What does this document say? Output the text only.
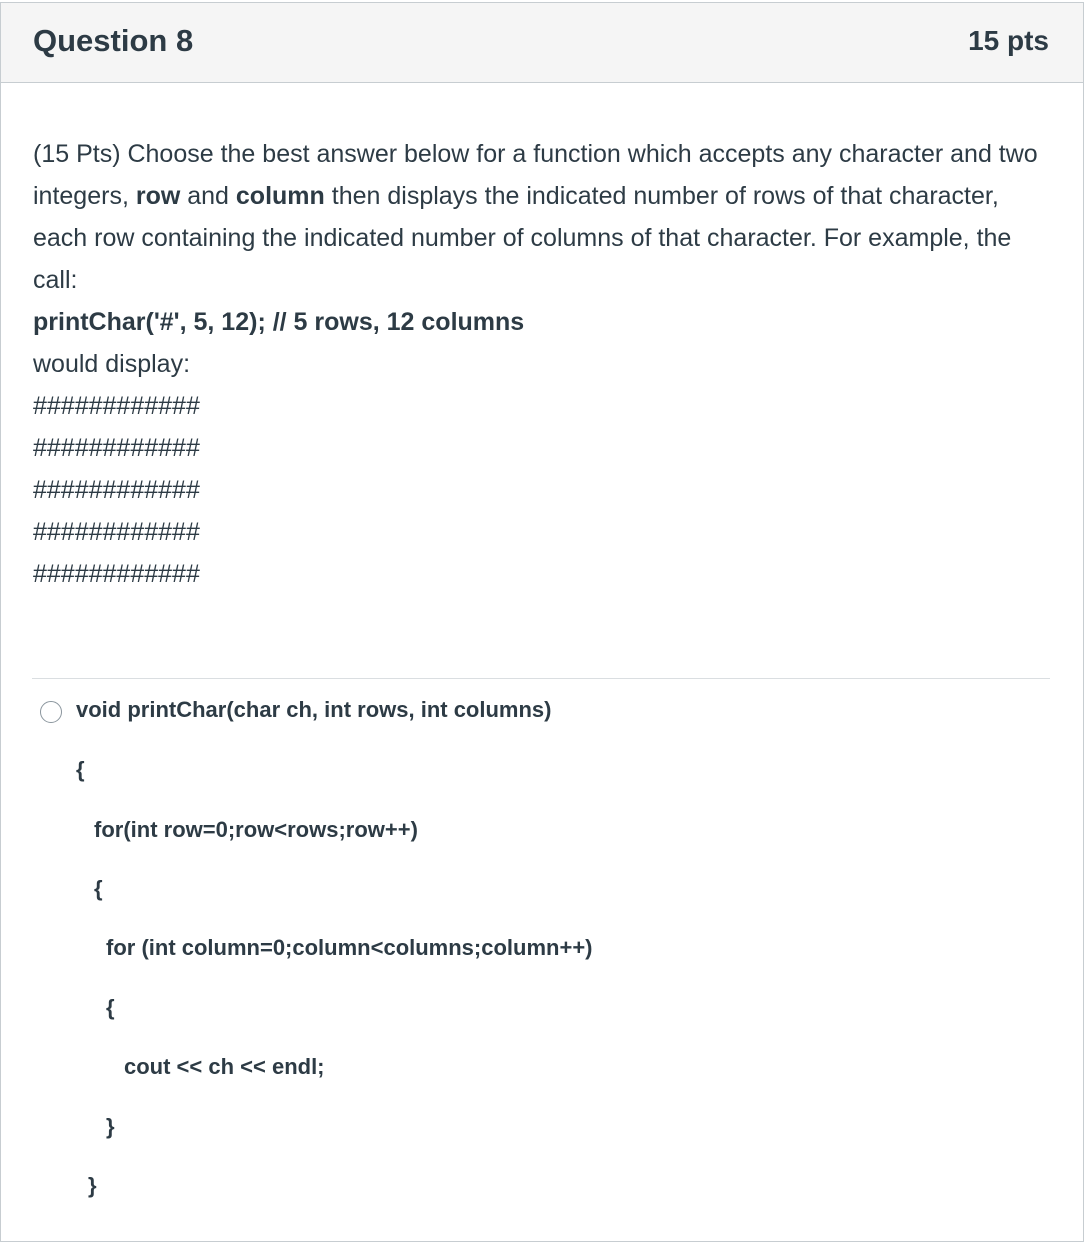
Question 8	15 pts

(15 Pts) Choose the best answer below for a function which accepts any character and two integers, row and column then displays the indicated number of rows of that character, each row containing the indicated number of columns of that character. For example, the call:

printChar('#', 5, 12); // 5 rows, 12 columns

would display:

############

############

############

############

############

void printChar(char ch, int rows, int columns)
{
for(int row=0;row<rows;row++)
{
for (int column=0;column<columns;column++)
{
cout << ch << endl;
}
}
